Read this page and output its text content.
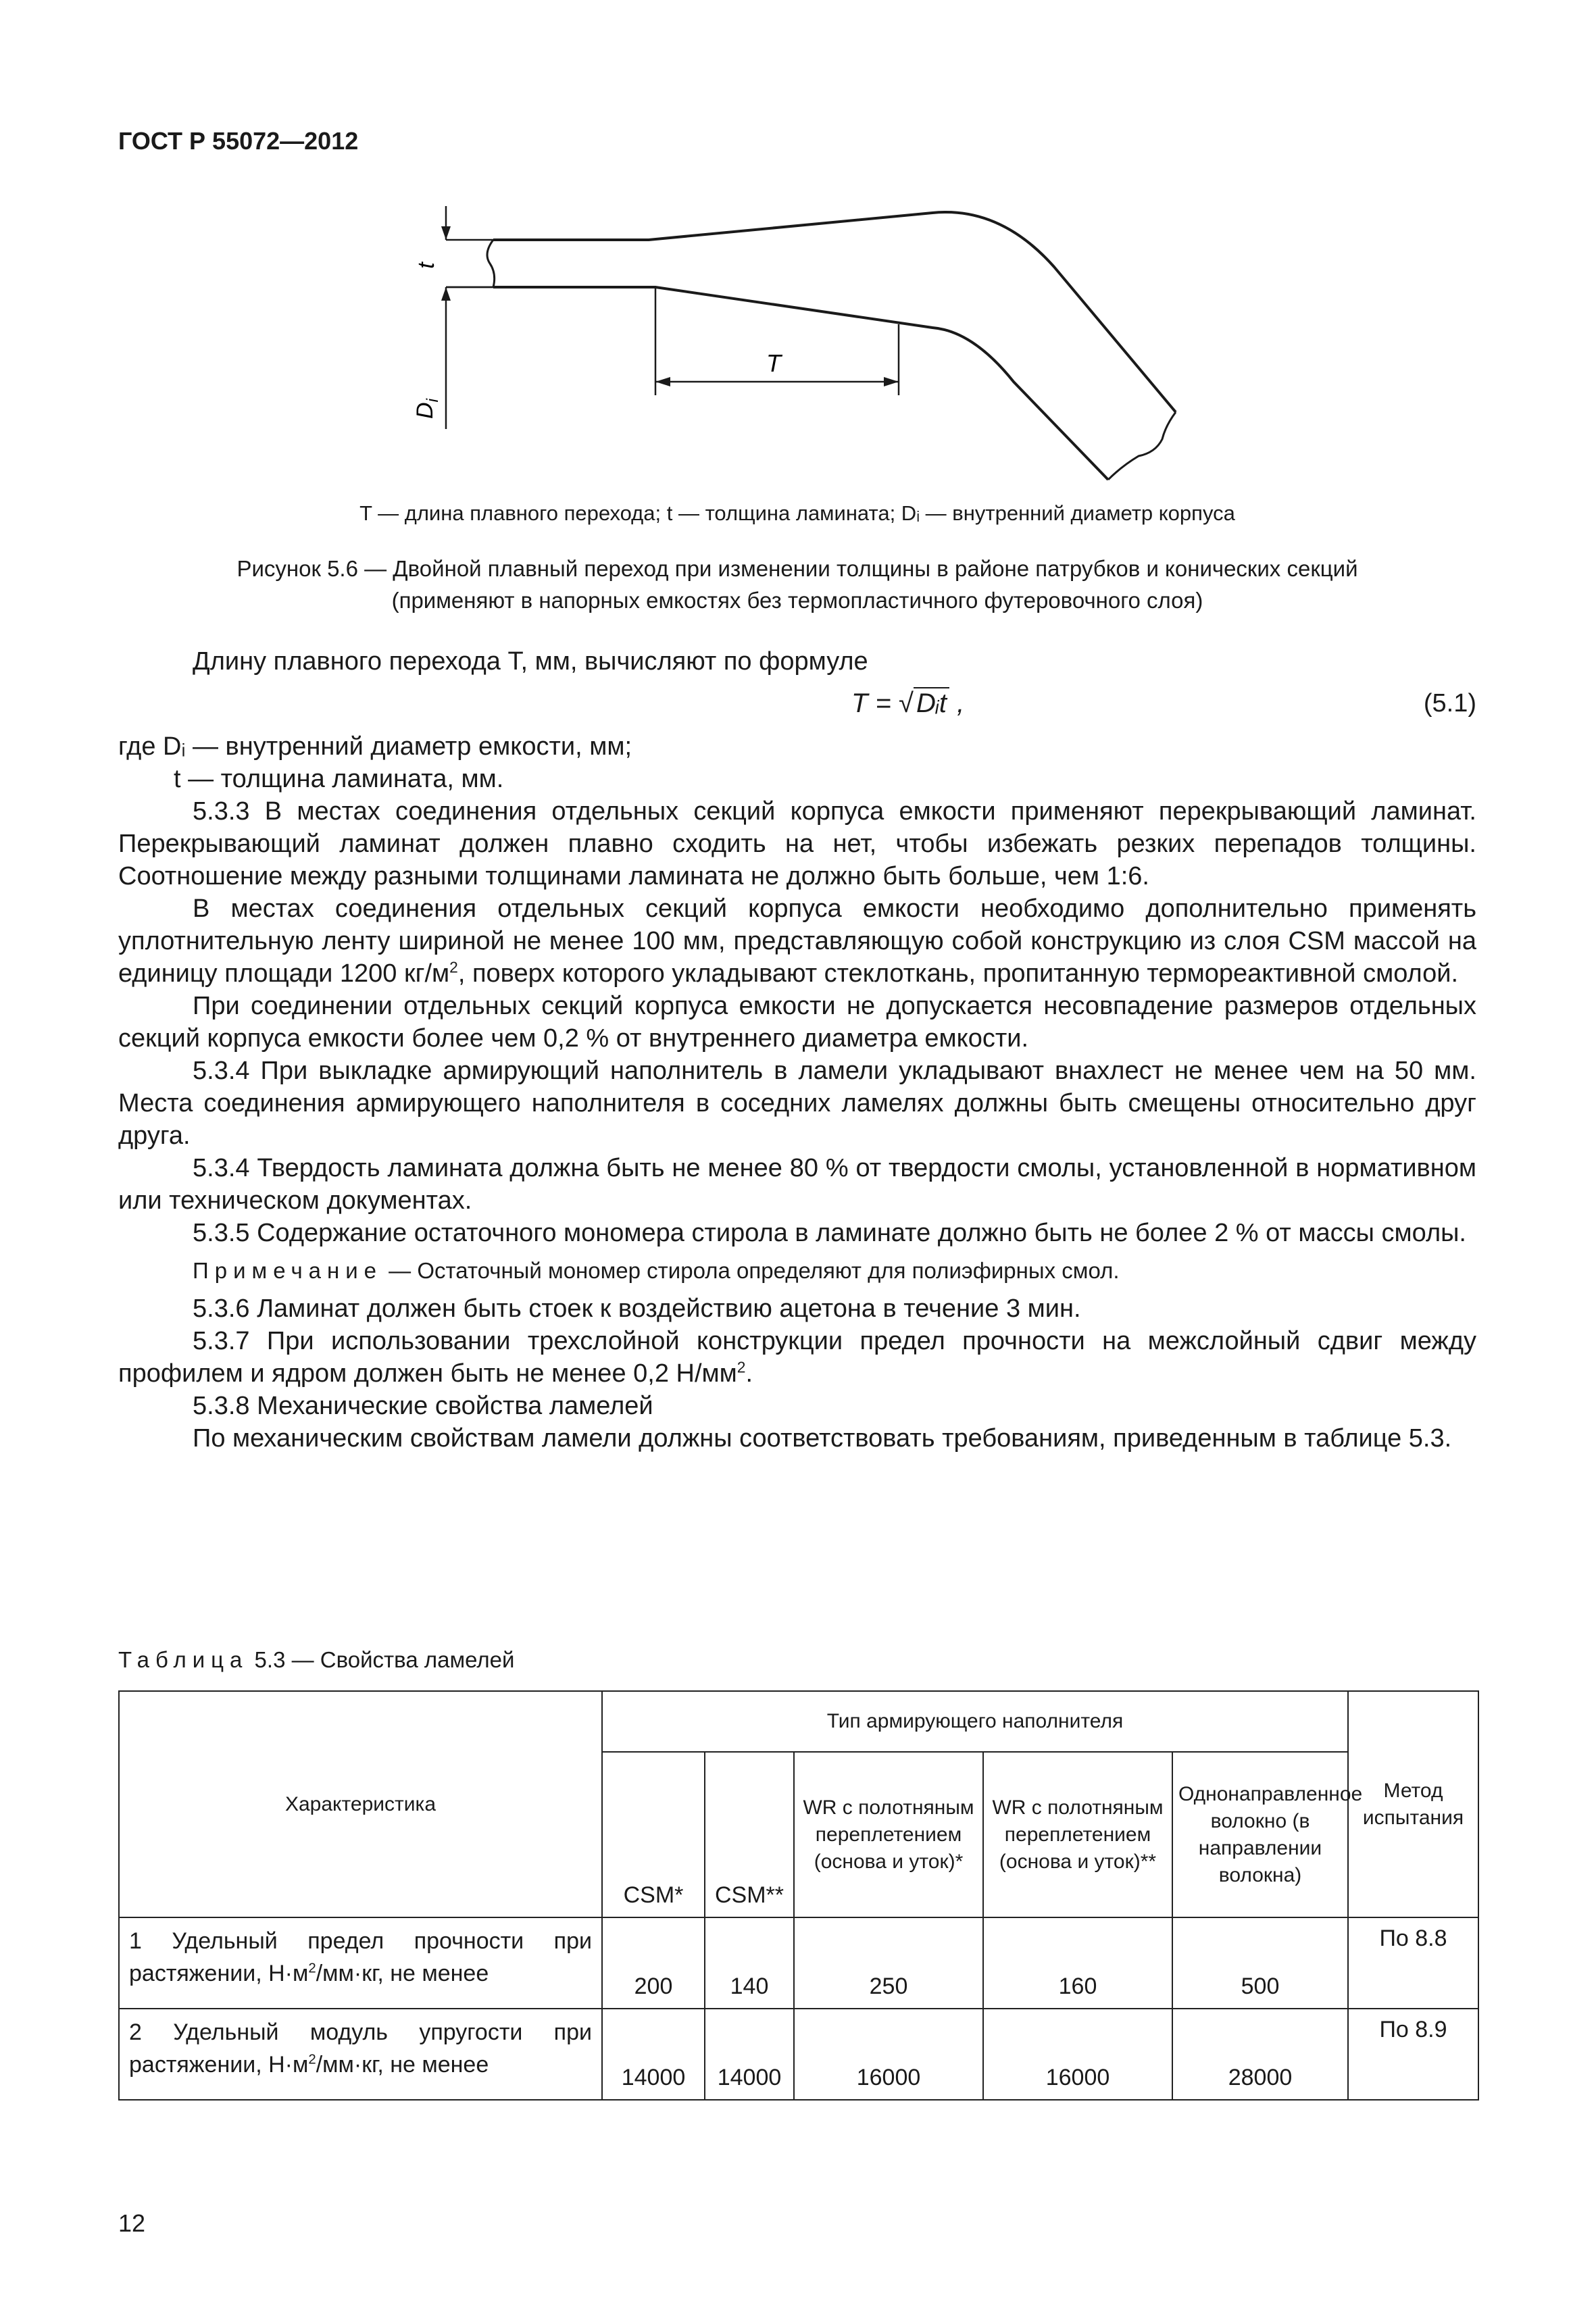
ГОСТ Р 55072—2012
t
T
$D_i$
T — длина плавного перехода; t — толщина ламината; Dᵢ — внутренний диаметр корпуса
Рисунок 5.6 — Двойной плавный переход при изменении толщины в районе патрубков и конических секций (применяют в напорных емкостях без термопластичного футеровочного слоя)

Длину плавного перехода T, мм, вычисляют по формуле

T = √ Dᵢt ,	(5.1)
где Dᵢ — внутренний диаметр емкости, мм;
t — толщина ламината, мм.

5.3.3 В местах соединения отдельных секций корпуса емкости применяют перекрывающий ламинат. Перекрывающий ламинат должен плавно сходить на нет, чтобы избежать резких перепадов толщины. Соотношение между разными толщинами ламината не должно быть больше, чем 1:6.

В местах соединения отдельных секций корпуса емкости необходимо дополнительно применять уплотнительную ленту шириной не менее 100 мм, представляющую собой конструкцию из слоя CSM массой на единицу площади 1200 $кг/м^2$, поверх которого укладывают стеклоткань, пропитанную термореактивной смолой.

При соединении отдельных секций корпуса емкости не допускается несовпадение размеров отдельных секций корпуса емкости более чем 0,2 % от внутреннего диаметра емкости.

5.3.4 При выкладке армирующий наполнитель в ламели укладывают внахлест не менее чем на 50 мм. Места соединения армирующего наполнителя в соседних ламелях должны быть смещены относительно друг друга.

5.3.4 Твердость ламината должна быть не менее 80 % от твердости смолы, установленной в нормативном или техническом документах.

5.3.5 Содержание остаточного мономера стирола в ламинате должно быть не более 2 % от массы смолы.

Примечание — Остаточный мономер стирола определяют для полиэфирных смол.

5.3.6 Ламинат должен быть стоек к воздействию ацетона в течение 3 мин.

5.3.7 При использовании трехслойной конструкции предел прочности на межслойный сдвиг между профилем и ядром должен быть не менее 0,2 $Н/мм^2$.

5.3.8 Механические свойства ламелей

По механическим свойствам ламели должны соответствовать требованиям, приведенным в таблице 5.3.

Таблица 5.3 — Свойства ламелей
Характеристика	Тип армирующего наполнителя					Метод испытания
	CSM*	CSM**	WR с полотняным переплетением (основа и уток)*	WR с полотняным переплетением (основа и уток)**	Однонаправленное волокно (в направлении волокна)	
1 Удельный предел прочности при растяжении, $Н\cdot м^2/мм\cdot кг$, не менее	200	140	250	160	500	По 8.8
2 Удельный модуль упругости при растяжении, $Н\cdot м^2/мм\cdot кг$, не менее	14000	14000	16000	16000	28000	По 8.9
12
